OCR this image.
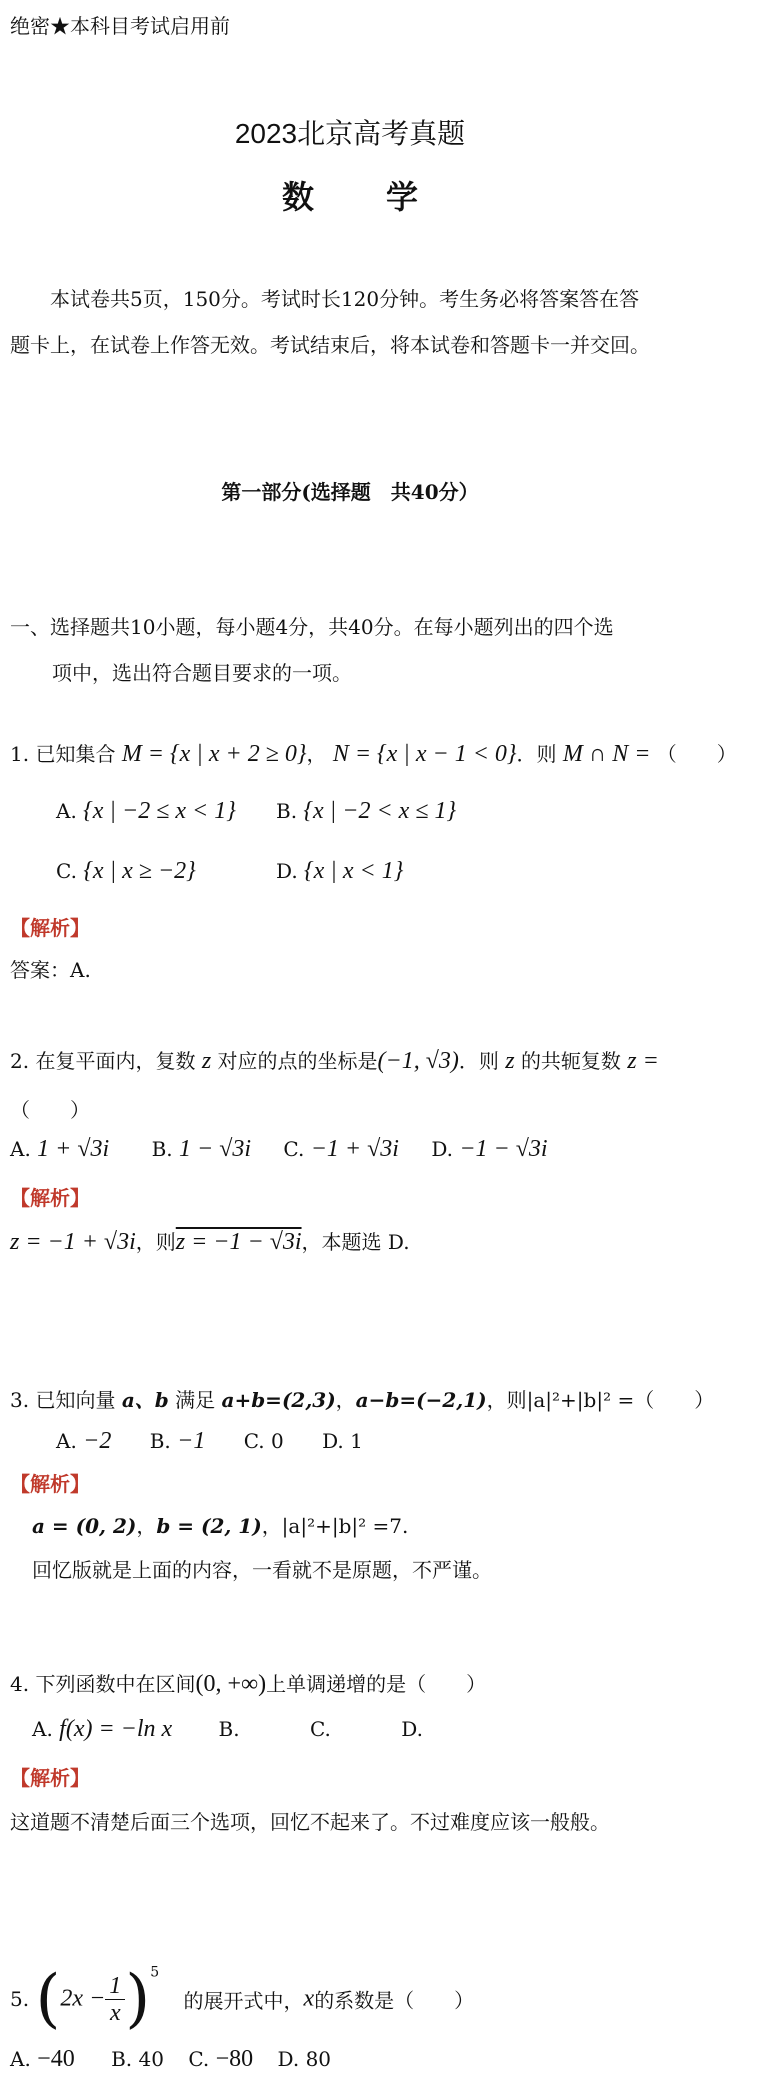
绝密★本科目考试启用前
2023北京高考真题
数学
本试卷共5页，150分。考试时长120分钟。考生务必将答案答在答
题卡上，在试卷上作答无效。考试结束后，将本试卷和答题卡一并交回。
第一部分(选择题　共40分）
一、选择题共10小题，每小题4分，共40分。在每小题列出的四个选
项中，选出符合题目要求的一项。
1. 已知集合 M = {x | x + 2 ≥ 0}， N = {x | x − 1 < 0}．则 M ∩ N = （　　）
A. {x | −2 ≤ x < 1} B. {x | −2 < x ≤ 1}
C. {x | x ≥ −2}	D. {x | x < 1}
【解析】
答案：A.
2. 在复平面内，复数 z 对应的点的坐标是(−1, √3)．则 z 的共轭复数 z =
（　　）
A. 1 + √3i B. 1 − √3i C. −1 + √3i D. −1 − √3i
【解析】
z = −1 + √3i，则z = −1 − √3i，本题选 D.
3. 已知向量 a、b 满足 a+b=(2,3)，a−b=(−2,1)，则|a|²+|b|² =（　　）
A. −2 B. −1 C. 0 D. 1
【解析】
a = (0, 2)，b = (2, 1)，|a|²+|b|² =7.
回忆版就是上面的内容，一看就不是原题，不严谨。
4. 下列函数中在区间(0, +∞)上单调递增的是（　　）
A. f(x) = −ln x B.	C.	D.
【解析】
这道题不清楚后面三个选项，回忆不起来了。不过难度应该一般般。
5. $(2x - \frac{1}{x} )^5$ 的展开式中，x的系数是（　　）
A. −40 B. 40 C. −80 D. 80
